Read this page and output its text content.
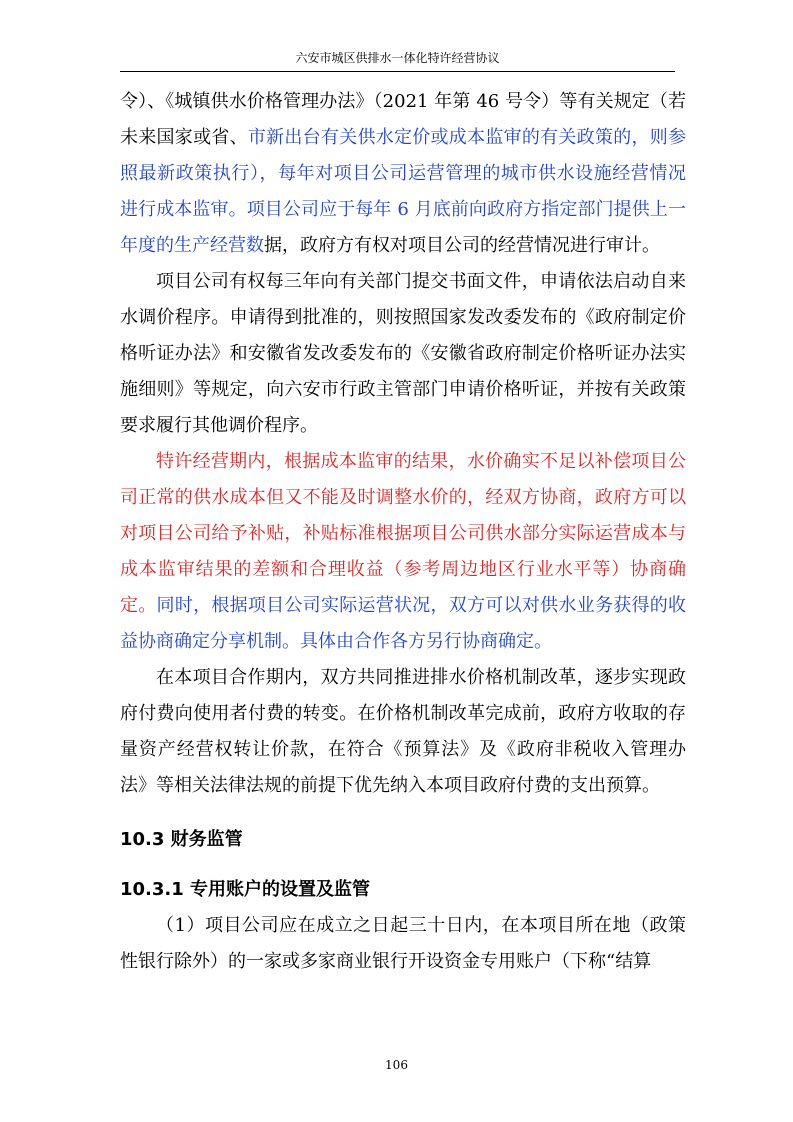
六安市城区供排水一体化特许经营协议

令）、《城镇供水价格管理办法》（2021 年第 46 号令）等有关规定（若未来国家或省、市新出台有关供水定价或成本监审的有关政策的，则参照最新政策执行），每年对项目公司运营管理的城市供水设施经营情况进行成本监审。项目公司应于每年 6 月底前向政府方指定部门提供上一年度的生产经营数据，政府方有权对项目公司的经营情况进行审计。

项目公司有权每三年向有关部门提交书面文件，申请依法启动自来水调价程序。申请得到批准的，则按照国家发改委发布的《政府制定价格听证办法》和安徽省发改委发布的《安徽省政府制定价格听证办法实施细则》等规定，向六安市行政主管部门申请价格听证，并按有关政策要求履行其他调价程序。

特许经营期内，根据成本监审的结果，水价确实不足以补偿项目公司正常的供水成本但又不能及时调整水价的，经双方协商，政府方可以对项目公司给予补贴，补贴标准根据项目公司供水部分实际运营成本与成本监审结果的差额和合理收益（参考周边地区行业水平等）协商确定。同时，根据项目公司实际运营状况，双方可以对供水业务获得的收益协商确定分享机制。具体由合作各方另行协商确定。

在本项目合作期内，双方共同推进排水价格机制改革，逐步实现政府付费向使用者付费的转变。在价格机制改革完成前，政府方收取的存量资产经营权转让价款，在符合《预算法》及《政府非税收入管理办法》等相关法律法规的前提下优先纳入本项目政府付费的支出预算。

10.3 财务监管

10.3.1 专用账户的设置及监管

（1）项目公司应在成立之日起三十日内，在本项目所在地（政策性银行除外）的一家或多家商业银行开设资金专用账户（下称“结算

106
